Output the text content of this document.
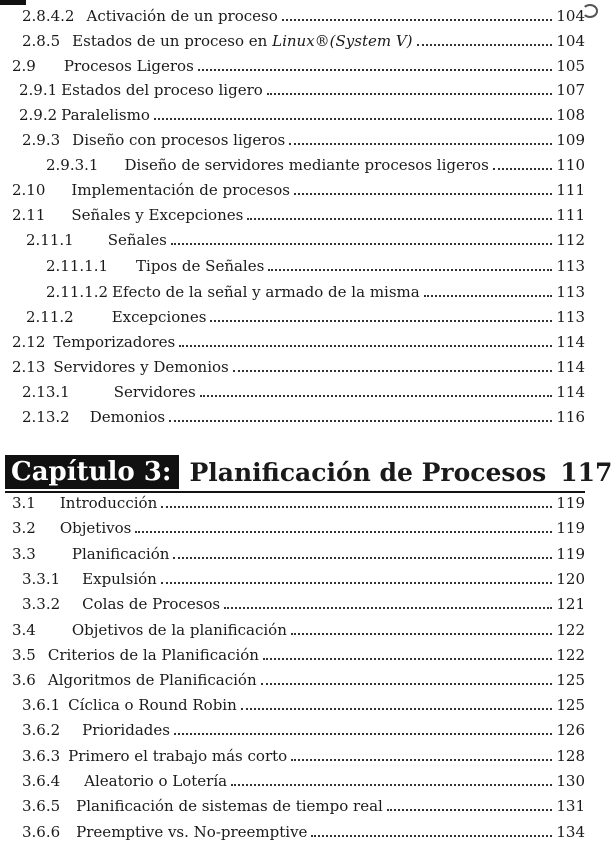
2.8.4.2 Activación de un proceso	104
2.8.5 Estados de un proceso en Linux®(System V)	104
2.9 Procesos Ligeros	105
2.9.1 Estados del proceso ligero	107
2.9.2 Paralelismo	108
2.9.3 Diseño con procesos ligeros	109
2.9.3.1 Diseño de servidores mediante procesos ligeros	110
2.10 Implementación de procesos	111
2.11 Señales y Excepciones	111
2.11.1 Señales	112
2.11.1.1 Tipos de Señales	113
2.11.1.2 Efecto de la señal y armado de la misma	113
2.11.2	Excepciones	113
2.12 Temporizadores	114
2.13 Servidores y Demonios	114
2.13.1	Servidores	114
2.13.2 Demonios	116
Capítulo 3: Planificación de Procesos 117
3.1 Introducción	119
3.2 Objetivos	119
3.3 Planificación	119
3.3.1 Expulsión	120
3.3.2 Colas de Procesos	121
3.4 Objetivos de la planificación	122
3.5 Criterios de la Planificación	122
3.6 Algoritmos de Planificación	125
3.6.1 Cíclica o Round Robin	125
3.6.2 Prioridades	126
3.6.3 Primero el trabajo más corto	128
3.6.4 Aleatorio o Lotería	130
3.6.5 Planificación de sistemas de tiempo real	131
3.6.6 Preemptive vs. No-preemptive	134
